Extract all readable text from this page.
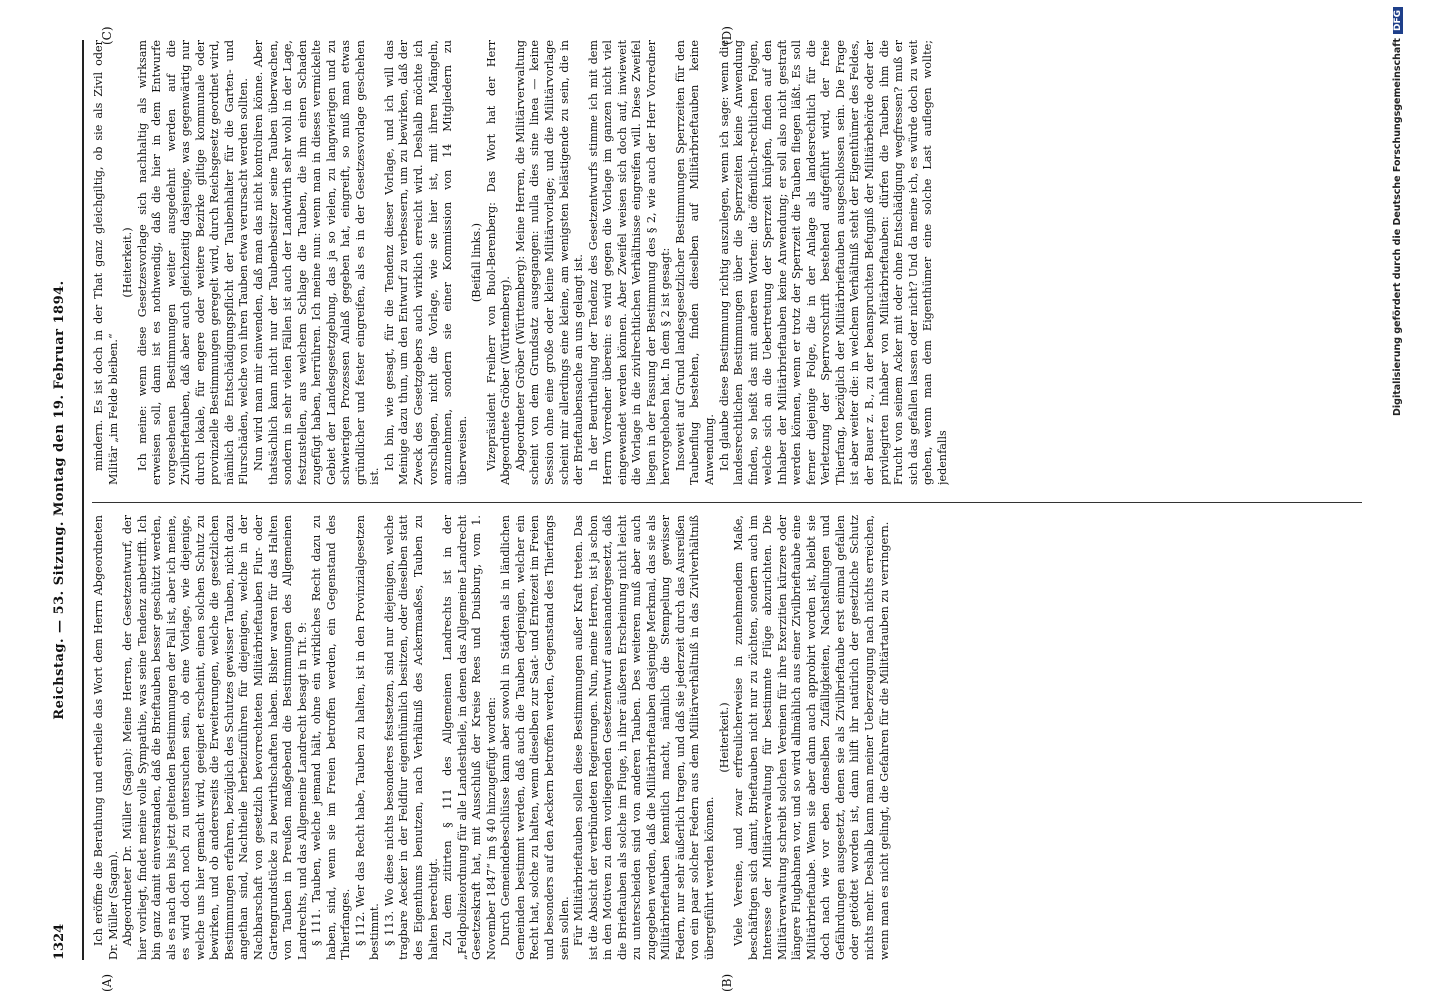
1324
Reichstag. — 53. Sitzung. Montag den 19. Februar 1894.
(A)	(B)
(C)	(D)

Ich eröffne die Berathung und ertheile das Wort dem Herrn Abgeordneten Dr. Müller (Sagan). Abgeordneter Dr. Müller (Sagan): Meine Herren, der Gesetzentwurf, der hier vorliegt, findet meine volle Sympathie, was seine Tendenz anbetrifft. Ich bin ganz damit einverstanden, daß die Brieftauben besser geschützt werden, als es nach den bis jetzt geltenden Bestimmungen der Fall ist, aber ich meine, es wird doch noch zu untersuchen sein, ob eine Vorlage, wie diejenige, welche uns hier gemacht wird, geeignet erscheint, einen solchen Schutz zu bewirken, und ob andererseits die Erweiterungen, welche die gesetzlichen Bestimmungen erfahren, bezüglich des Schutzes gewisser Tauben, nicht dazu angethan sind, Nachtheile herbeizuführen für diejenigen, welche in der Nachbarschaft von gesetzlich bevorrechteten Militärbrieftauben Flur- oder Gartengrundstücke zu bewirthschaften haben. Bisher waren für das Halten von Tauben in Preußen maßgebend die Bestimmungen des Allgemeinen Landrechts, und das Allgemeine Landrecht besagt in Tit. 9: § 111. Tauben, welche jemand hält, ohne ein wirkliches Recht dazu zu haben, sind, wenn sie im Freien betroffen werden, ein Gegenstand des Thierfanges. § 112. Wer das Recht habe, Tauben zu halten, ist in den Provinzialgesetzen bestimmt. § 113. Wo diese nichts besonderes festsetzen, sind nur diejenigen, welche tragbare Aecker in der Feldflur eigenthümlich besitzen, oder dieselben statt des Eigenthums benutzen, nach Verhältniß des Ackermaaßes, Tauben zu halten berechtigt. Zu dem zitirten § 111 des Allgemeinen Landrechts ist in der „Feldpolizeiordnung für alle Landestheile, in denen das Allgemeine Landrecht Gesetzeskraft hat, mit Ausschluß der Kreise Rees und Duisburg, vom 1. November 1847“ im § 40 hinzugefügt worden: Durch Gemeindebeschlüsse kann aber sowohl in Städten als in ländlichen Gemeinden bestimmt werden, daß auch die Tauben derjenigen, welcher ein Recht hat, solche zu halten, wenn dieselben zur Saat- und Erntezeit im Freien und besonders auf den Aeckern betroffen werden, Gegenstand des Thierfangs sein sollen. Für Militärbrieftauben sollen diese Bestimmungen außer Kraft treten. Das ist die Absicht der verbündeten Regierungen. Nun, meine Herren, ist ja schon in den Motiven zu dem vorliegenden Gesetzentwurf auseinandergesetzt, daß die Brieftauben als solche im Fluge, in ihrer äußeren Erscheinung nicht leicht zu unterscheiden sind von anderen Tauben. Des weiteren muß aber auch zugegeben werden, daß die Militärbrieftauben dasjenige Merkmal, das sie als Militärbrieftauben kenntlich macht, nämlich die Stempelung gewisser Federn, nur sehr äußerlich tragen, und daß sie jederzeit durch das Ausreißen von ein paar solcher Federn aus dem Militärverhältniß in das Zivilverhältniß übergeführt werden können.

(Heiterkeit.) Viele Vereine, und zwar erfreulicherweise in zunehmendem Maße, beschäftigen sich damit, Brieftauben nicht nur zu züchten, sondern auch im Interesse der Militärverwaltung für bestimmte Flüge abzurichten. Die Militärverwaltung schreibt solchen Vereinen für ihre Exerzitien kürzere oder längere Flugbahnen vor, und so wird allmählich aus einer Zivilbrieftaube eine Militärbrieftaube. Wenn sie aber dann auch approbirt worden ist, bleibt sie doch nach wie vor eben denselben Zufälligkeiten, Nachstellungen und Gefährdungen ausgesetzt, denen sie als Zivilbrieftaube erst einmal gefallen oder getödtet worden ist, dann hilft ihr natürlich der gesetzliche Schutz nichts mehr. Deshalb kann man meiner Ueberzeugung nach nichts erreichen, wenn man es nicht gelingt, die Gefahren für die Militärtauben zu verringern.

mindern. Es ist doch in der That ganz gleichgiltig, ob sie als Zivil oder Militär „im Felde bleiben.“

(Heiterkeit.) Ich meine: wenn diese Gesetzesvorlage sich nachhaltig als wirksam erweisen soll, dann ist es nothwendig, daß die hier in dem Entwurfe vorgesehenen Bestimmungen weiter ausgedehnt werden auf die Zivilbrieftauben, daß aber auch gleichzeitig dasjenige, was gegenwärtig nur durch lokale, für engere oder weitere Bezirke giltige kommunale oder provinzielle Bestimmungen geregelt wird, durch Reichsgesetz geordnet wird, nämlich die Entschädigungspflicht der Taubenhalter für die Garten- und Flurschäden, welche von ihren Tauben etwa verursacht werden sollten. Nun wird man mir einwenden, daß man das nicht kontroliren könne. Aber thatsächlich kann nicht nur der Taubenbesitzer seine Tauben überwachen, sondern in sehr vielen Fällen ist auch der Landwirth sehr wohl in der Lage, festzustellen, aus welchem Schlage die Tauben, die ihm einen Schaden zugefügt haben, herrühren. Ich meine nun: wenn man in dieses vermickelte Gebiet der Landesgesetzgebung, das ja so vielen, zu langwierigen und zu schwierigen Prozessen Anlaß gegeben hat, eingreift, so muß man etwas gründlicher und fester eingreifen, als es in der Gesetzesvorlage geschehen ist.

Ich bin, wie gesagt, für die Tendenz dieser Vorlage, und ich will das Meinige dazu thun, um den Entwurf zu verbessern, um zu bewirken, daß der Zweck des Gesetzgebers auch wirklich erreicht wird. Deshalb möchte ich vorschlagen, nicht die Vorlage, wie sie hier ist, mit ihren Mängeln, anzunehmen, sondern sie einer Kommission von 14 Mitgliedern zu überweisen.

(Beifall links.) Vizepräsident Freiherr von Buol-Berenberg: Das Wort hat der Herr Abgeordnete Gröber (Württemberg). Abgeordneter Gröber (Württemberg): Meine Herren, die Militärverwaltung scheint von dem Grundsatz ausgegangen: nulla dies sine linea — keine Session ohne eine große oder kleine Militärvorlage; und die Militärvorlage scheint mir allerdings eine kleine, am wenigsten belästigende zu sein, die in der Brieftaubensache an uns gelangt ist. In der Beurtheilung der Tendenz des Gesetzentwurfs stimme ich mit dem Herrn Vorredner überein: es wird gegen die Vorlage im ganzen nicht viel eingewendet werden können. Aber Zweifel weisen sich doch auf, inwieweit die Vorlage in die zivilrechtlichen Verhältnisse eingreifen will. Diese Zweifel liegen in der Fassung der Bestimmung des § 2, wie auch der Herr Vorredner hervorgehoben hat. In dem § 2 ist gesagt: Insoweit auf Grund landesgesetzlicher Bestimmungen Sperrzeiten für den Taubenflug bestehen, finden dieselben auf Militärbrieftauben keine Anwendung. Ich glaube diese Bestimmung richtig auszulegen, wenn ich sage: wenn die landesrechtlichen Bestimmungen über die Sperrzeiten keine Anwendung finden, so heißt das mit anderen Worten: die öffentlich-rechtlichen Folgen, welche sich an die Uebertretung der Sperrzeit knüpfen, finden auf den Inhaber der Militärbrieftauben keine Anwendung; er soll also nicht gestraft werden können, wenn er trotz der Sperrzeit die Tauben fliegen läßt. Es soll ferner diejenige Folge, die in der Anlage als landesrechtlich für die Verletzung der Sperrvorschrift bestehend aufgeführt wird, der freie Thierfang, bezüglich der Militärbrieftauben ausgeschlossen sein. Die Frage ist aber weiter die: in welchem Verhältniß steht der Eigenthümer des Feldes, der Bauer z. B., zu der beanspruchten Befugniß der Militärbehörde oder der privilegirten Inhaber von Militärbrieftauben: dürfen die Tauben ihm die Frucht von seinem Acker mit oder ohne Entschädigung wegfressen? muß er sich das gefallen lassen oder nicht? Und da meine ich, es würde doch zu weit gehen, wenn man dem Eigenthümer eine solche Last auflegen wollte; jedenfalls

Digitalisierung gefördert durch die Deutsche ForschungsgemeinschaftDFG
